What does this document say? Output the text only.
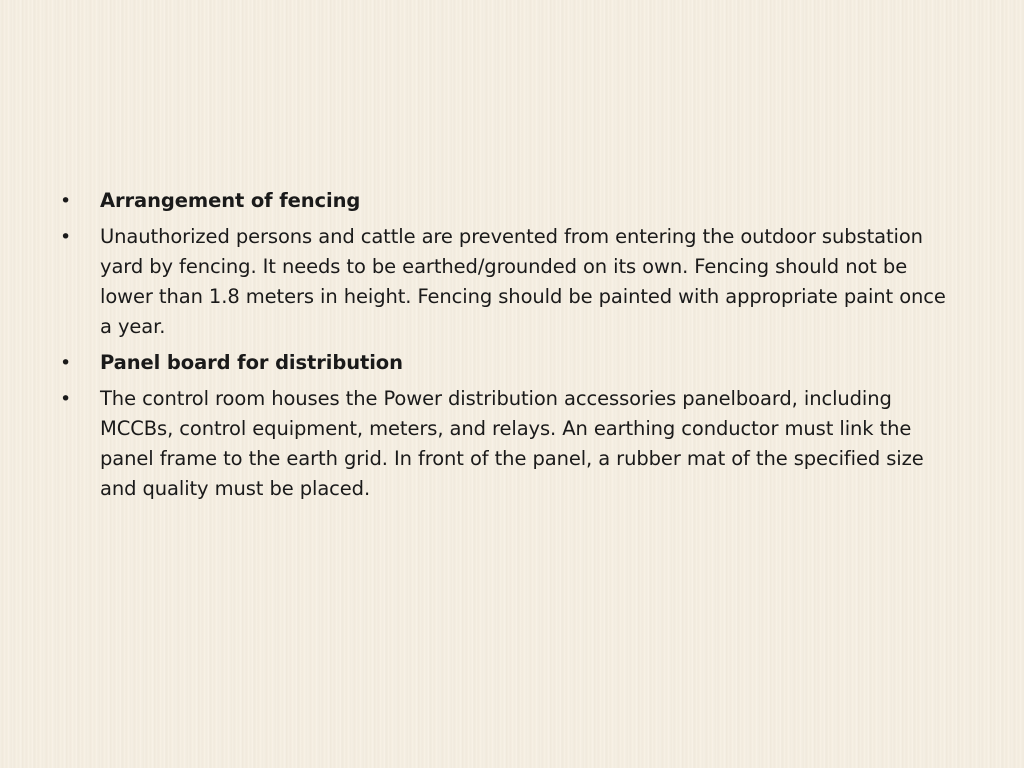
•	Arrangement of fencing
•	Unauthorized persons and cattle are prevented from entering the outdoor substation yard by fencing. It needs to be earthed/grounded on its own. Fencing should not be lower than 1.8 meters in height. Fencing should be painted with appropriate paint once a year.
•	Panel board for distribution
•	The control room houses the Power distribution accessories panelboard, including MCCBs, control equipment, meters, and relays. An earthing conductor must link the panel frame to the earth grid. In front of the panel, a rubber mat of the specified size and quality must be placed.
